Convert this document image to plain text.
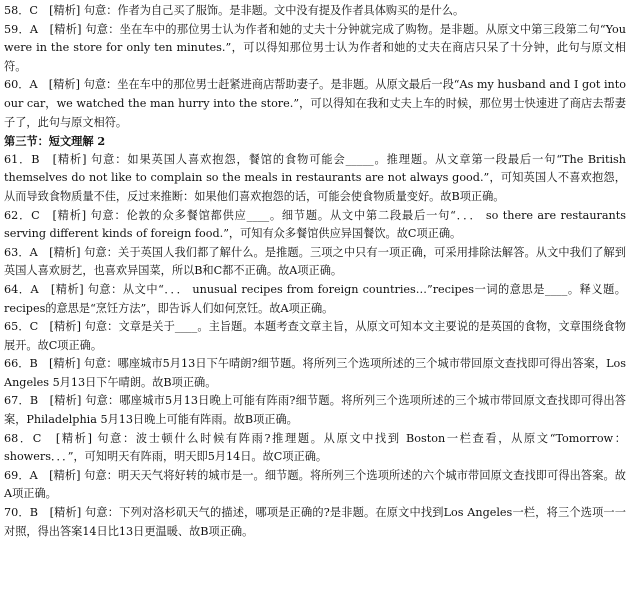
58．C　[精析] 句意：作者为自己买了服饰。是非题。文中没有提及作者具体购买的是什么。

59．A　[精析] 句意：坐在车中的那位男士认为作者和她的丈夫十分钟就完成了购物。是非题。从原文中第三段第二句“You were in the store for only ten minutes.”，可以得知那位男士认为作者和她的丈夫在商店只呆了十分钟，此句与原文相符。

60．A　[精析] 句意：坐在车中的那位男士赶紧进商店帮助妻子。是非题。从原文最后一段“As my husband and I got into our car，we watched the man hurry into the store.”，可以得知在我和丈夫上车的时候，那位男士快速进了商店去帮妻子了，此句与原文相符。

第三节：短文理解 2

61．B　[精析] 句意：如果英国人喜欢抱怨，餐馆的食物可能会_____。推理题。从文章第一段最后一句“The British themselves do not like to complain so the meals in restaurants are not always good.”，可知英国人不喜欢抱怨，从而导致食物质量不佳，反过来推断：如果他们喜欢抱怨的话，可能会使食物质量变好。故B项正确。

62．C　[精析] 句意：伦敦的众多餐馆都供应____。细节题。从文中第二段最后一句“．．． so there are restaurants serving different kinds of foreign food.”，可知有众多餐馆供应异国餐饮。故C项正确。

63．A　[精析] 句意：关于英国人我们都了解什么。是推题。三项之中只有一项正确，可采用排除法解答。从文中我们了解到英国人喜欢厨艺，也喜欢异国菜，所以B和C都不正确。故A项正确。

64．A　[精析] 句意：从文中“．．． unusual recipes from foreign countries…”recipes一词的意思是____。释义题。recipes的意思是“烹饪方法”，即告诉人们如何烹饪。故A项正确。

65．C　[精析] 句意：文章是关于____。主旨题。本题考查文章主旨，从原文可知本文主要说的是英国的食物，文章围绕食物展开。故C项正确。

66．B　[精析] 句意：哪座城市5月13日下午晴朗?细节题。将所列三个选项所述的三个城市带回原文查找即可得出答案，Los Angeles 5月13日下午晴朗。故B项正确。

67．B　[精析] 句意：哪座城市5月13日晚上可能有阵雨?细节题。将所列三个选项所述的三个城市带回原文查找即可得出答案，Philadelphia 5月13日晚上可能有阵雨。故B项正确。

68．C　[精析] 句意：波士顿什么时候有阵雨?推理题。从原文中找到 Boston一栏查看，从原文“Tomorrow：showers．．．”，可知明天有阵雨，明天即5月14日。故C项正确。

69．A　[精析] 句意：明天天气将好转的城市是一。细节题。将所列三个选项所述的六个城市带回原文查找即可得出答案。故A项正确。

70．B　[精析] 句意：下列对洛杉矶天气的描述，哪项是正确的?是非题。在原文中找到Los Angeles一栏，将三个选项一一对照，得出答案14日比13日更温暖、故B项正确。
